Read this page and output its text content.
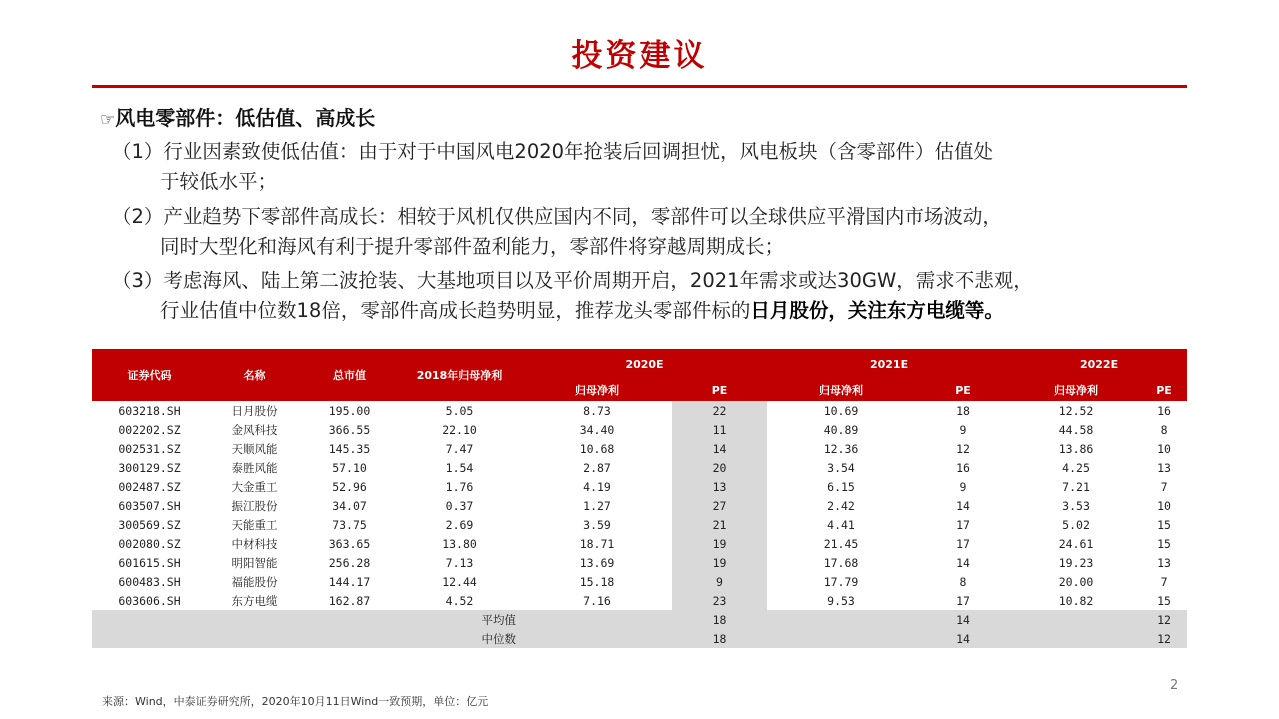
投资建议
☞风电零部件：低估值、高成长
（1）行业因素致使低估值：由于对于中国风电2020年抢装后回调担忧，风电板块（含零部件）估值处
于较低水平；
（2）产业趋势下零部件高成长：相较于风机仅供应国内不同，零部件可以全球供应平滑国内市场波动，
同时大型化和海风有利于提升零部件盈利能力，零部件将穿越周期成长；
（3）考虑海风、陆上第二波抢装、大基地项目以及平价周期开启，2021年需求或达30GW，需求不悲观，
行业估值中位数18倍，零部件高成长趋势明显，推荐龙头零部件标的日月股份，关注东方电缆等。
证券代码	名称	总市值	2018年归母净利	2020E		2021E		2022E	
				归母净利	PE	归母净利	PE	归母净利	PE
603218.SH	日月股份	195.00	5.05	8.73	22	10.69	18	12.52	16
002202.SZ	金风科技	366.55	22.10	34.40	11	40.89	9	44.58	8
002531.SZ	天顺风能	145.35	7.47	10.68	14	12.36	12	13.86	10
300129.SZ	泰胜风能	57.10	1.54	2.87	20	3.54	16	4.25	13
002487.SZ	大金重工	52.96	1.76	4.19	13	6.15	9	7.21	7
603507.SH	振江股份	34.07	0.37	1.27	27	2.42	14	3.53	10
300569.SZ	天能重工	73.75	2.69	3.59	21	4.41	17	5.02	15
002080.SZ	中材科技	363.65	13.80	18.71	19	21.45	17	24.61	15
601615.SH	明阳智能	256.28	7.13	13.69	19	17.68	14	19.23	13
600483.SH	福能股份	144.17	12.44	15.18	9	17.79	8	20.00	7
603606.SH	东方电缆	162.87	4.52	7.16	23	9.53	17	10.82	15
平均值					18		14		12
中位数					18		14		12
2
来源：Wind，中泰证券研究所，2020年10月11日Wind一致预期，单位：亿元
